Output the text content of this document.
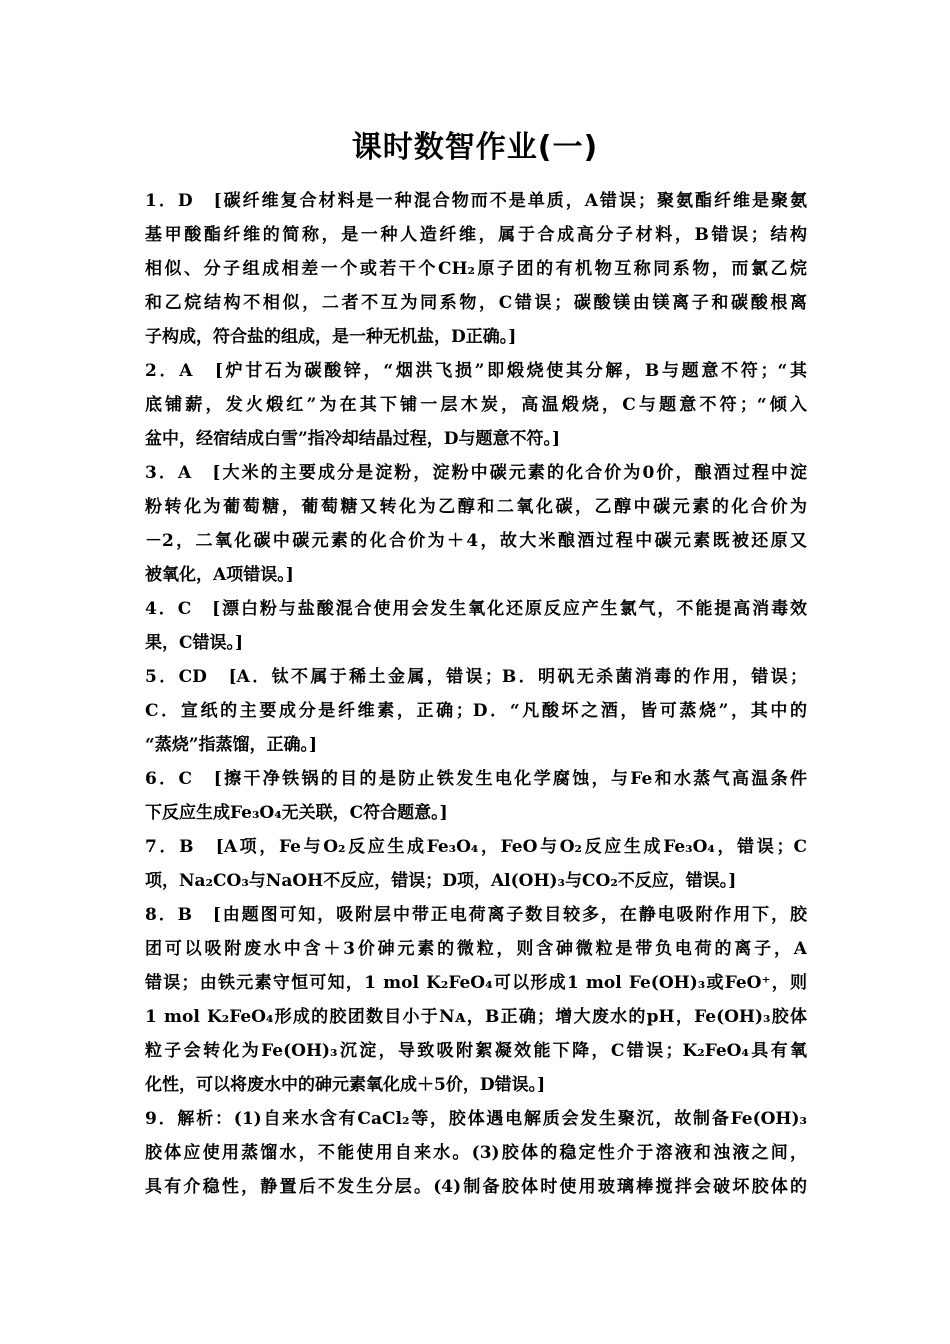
课时数智作业(一)
1．D　[碳纤维复合材料是一种混合物而不是单质，A错误；聚氨酯纤维是聚氨
基甲酸酯纤维的简称，是一种人造纤维，属于合成高分子材料，B错误；结构
相似、分子组成相差一个或若干个CH₂原子团的有机物互称同系物，而氯乙烷
和乙烷结构不相似，二者不互为同系物，C错误；碳酸镁由镁离子和碳酸根离
子构成，符合盐的组成，是一种无机盐，D正确。]
2．A　[炉甘石为碳酸锌，“烟洪飞损”即煅烧使其分解，B与题意不符；“其
底铺薪，发火煅红”为在其下铺一层木炭，高温煅烧，C与题意不符；“倾入
盆中，经宿结成白雪”指冷却结晶过程，D与题意不符。]
3．A　[大米的主要成分是淀粉，淀粉中碳元素的化合价为0价，酿酒过程中淀
粉转化为葡萄糖，葡萄糖又转化为乙醇和二氧化碳，乙醇中碳元素的化合价为
－2，二氧化碳中碳元素的化合价为＋4，故大米酿酒过程中碳元素既被还原又
被氧化，A项错误。]
4．C　[漂白粉与盐酸混合使用会发生氧化还原反应产生氯气，不能提高消毒效
果，C错误。]
5．CD　[A．钛不属于稀土金属，错误；B．明矾无杀菌消毒的作用，错误；
C．宣纸的主要成分是纤维素，正确；D．“凡酸坏之酒，皆可蒸烧”，其中的
“蒸烧”指蒸馏，正确。]
6．C　[擦干净铁锅的目的是防止铁发生电化学腐蚀，与Fe和水蒸气高温条件
下反应生成Fe₃O₄无关联，C符合题意。]
7．B　[A项，Fe与O₂反应生成Fe₃O₄，FeO与O₂反应生成Fe₃O₄，错误；C
项，Na₂CO₃与NaOH不反应，错误；D项，Al(OH)₃与CO₂不反应，错误。]
8．B　[由题图可知，吸附层中带正电荷离子数目较多，在静电吸附作用下，胶
团可以吸附废水中含＋3价砷元素的微粒，则含砷微粒是带负电荷的离子，A
错误；由铁元素守恒可知，1 mol K₂FeO₄可以形成1 mol Fe(OH)₃或FeO⁺，则
1 mol K₂FeO₄形成的胶团数目小于Nᴀ，B正确；增大废水的pH，Fe(OH)₃胶体
粒子会转化为Fe(OH)₃沉淀，导致吸附絮凝效能下降，C错误；K₂FeO₄具有氧
化性，可以将废水中的砷元素氧化成＋5价，D错误。]
9．解析：(1)自来水含有CaCl₂等，胶体遇电解质会发生聚沉，故制备Fe(OH)₃
胶体应使用蒸馏水，不能使用自来水。(3)胶体的稳定性介于溶液和浊液之间，
具有介稳性，静置后不发生分层。(4)制备胶体时使用玻璃棒搅拌会破坏胶体的
